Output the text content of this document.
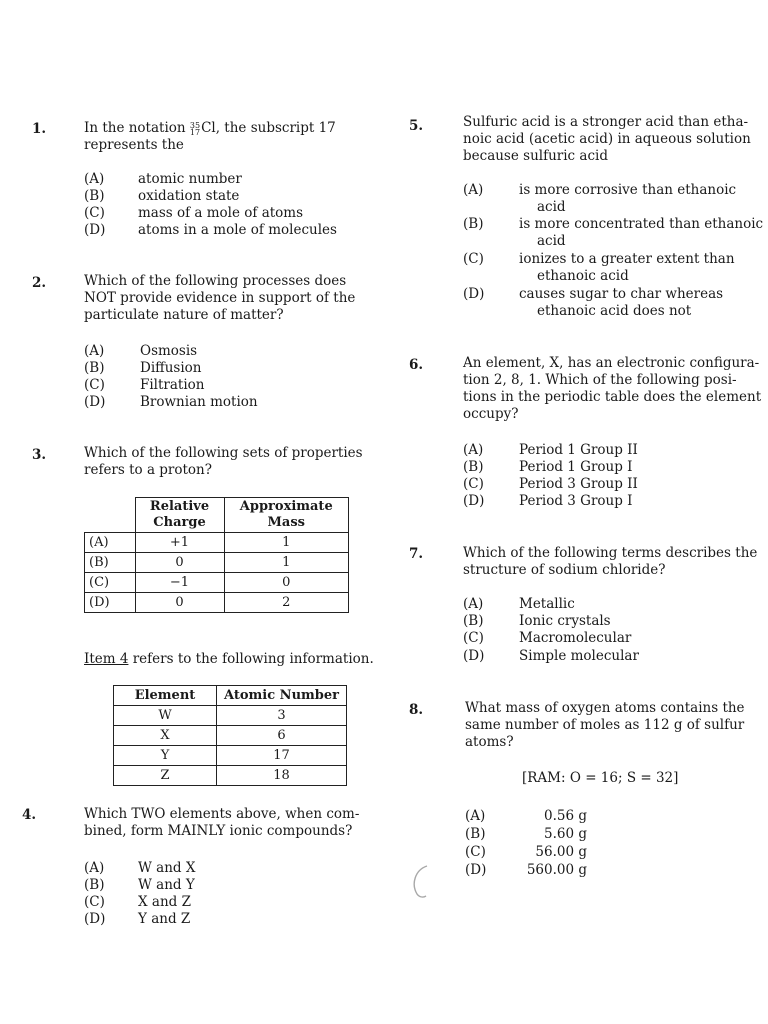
1.	In the notation 35
17Cl, the subscript 17
represents the
(A) atomic number

(B) oxidation state

(C) mass of a mole of atoms

(D) atoms in a mole of molecules

2.	Which of the following processes does
NOT provide evidence in support of the
particulate nature of matter?
(A)	Osmosis

(B)	Diffusion

(C)	Filtration

(D)	Brownian motion

3.	Which of the following sets of properties
refers to a proton?
	Relative Charge	Approximate Mass
(A)	+1	1
(B)	0	1
(C)	−1	0
(D)	0	2
Item 4 refers to the following information.
Element	Atomic Number
W	3
X	6
Y	17
Z	18
4.	Which TWO elements above, when com-
bined, form MAINLY ionic compounds?
(A) W and X

(B) W and Y

(C) X and Z

(D) Y and Z

5.	Sulfuric acid is a stronger acid than etha-
noic acid (acetic acid) in aqueous solution
because sulfuric acid
(A)	is more corrosive than ethanoic
acid
(B)	is more concentrated than ethanoic
acid
(C)	ionizes to a greater extent than
ethanoic acid
(D)	causes sugar to char whereas
ethanoic acid does not
6.	An element, X, has an electronic configura-
tion 2, 8, 1. Which of the following posi-
tions in the periodic table does the element
occupy?
(A)	Period 1 Group II

(B)	Period 1 Group I

(C)	Period 3 Group II

(D)	Period 3 Group I

7.	Which of the following terms describes the
structure of sodium chloride?
(A)	Metallic

(B)	Ionic crystals

(C)	Macromolecular

(D)	Simple molecular

8.	What mass of oxygen atoms contains the
same number of moles as 112 g of sulfur
atoms?
[RAM: O = 16; S = 32]
(A)	0.56 g

(B)	5.60 g

(C)	56.00 g

(D)	560.00 g
